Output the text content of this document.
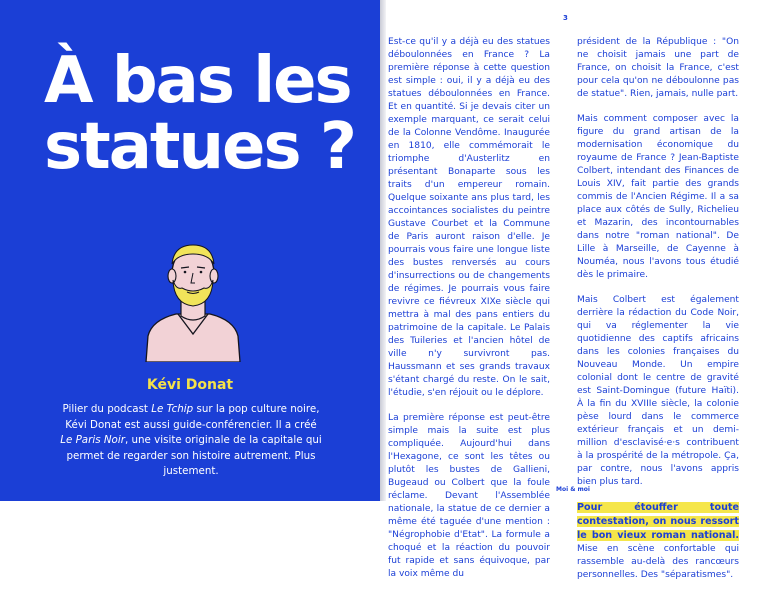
À bas les statues ?
Kévi Donat

Pilier du podcast Le Tchip sur la pop culture noire, Kévi Donat est aussi guide-conférencier. Il a créé Le Paris Noir, une visite originale de la capitale qui permet de regarder son histoire autrement. Plus justement.

3

Est-ce qu'il y a déjà eu des statues déboulonnées en France ? La première réponse à cette question est simple : oui, il y a déjà eu des statues déboulonnées en France. Et en quantité. Si je devais citer un exemple marquant, ce serait celui de la Colonne Vendôme. Inaugurée en 1810, elle commémorait le triomphe d'Austerlitz en présentant Bonaparte sous les traits d'un empereur romain. Quelque soixante ans plus tard, les accointances socialistes du peintre Gustave Courbet et la Commune de Paris auront raison d'elle. Je pourrais vous faire une longue liste des bustes renversés au cours d'insurrections ou de changements de régimes. Je pourrais vous faire revivre ce fiévreux XIXe siècle qui mettra à mal des pans entiers du patrimoine de la capitale. Le Palais des Tuileries et l'ancien hôtel de ville n'y survivront pas. Haussmann et ses grands travaux s'étant chargé du reste. On le sait, l'étudie, s'en réjouit ou le déplore.

La première réponse est peut-être simple mais la suite est plus compliquée. Aujourd'hui dans l'Hexagone, ce sont les têtes ou plutôt les bustes de Gallieni, Bugeaud ou Colbert que la foule réclame. Devant l'Assemblée nationale, la statue de ce dernier a même été taguée d'une mention : "Négrophobie d'Etat". La formule a choqué et la réaction du pouvoir fut rapide et sans équivoque, par la voix même du

président de la République : "On ne choisit jamais une part de France, on choisit la France, c'est pour cela qu'on ne déboulonne pas de statue". Rien, jamais, nulle part.

Mais comment composer avec la figure du grand artisan de la modernisation économique du royaume de France ? Jean-Baptiste Colbert, intendant des Finances de Louis XIV, fait partie des grands commis de l'Ancien Régime. Il a sa place aux côtés de Sully, Richelieu et Mazarin, des incontournables dans notre "roman national". De Lille à Marseille, de Cayenne à Nouméa, nous l'avons tous étudié dès le primaire.

Mais Colbert est également derrière la rédaction du Code Noir, qui va réglementer la vie quotidienne des captifs africains dans les colonies françaises du Nouveau Monde. Un empire colonial dont le centre de gravité est Saint-Domingue (future Haïti). À la fin du XVIIIe siècle, la colonie pèse lourd dans le commerce extérieur français et un demi-million d'esclavisé·e·s contribuent à la prospérité de la métropole. Ça, par contre, nous l'avons appris bien plus tard.

Pour étouffer toute contestation, on nous ressort le bon vieux roman national. Mise en scène confortable qui rassemble au-delà des rancœurs personnelles. Des "séparatismes".

Moi & moi
